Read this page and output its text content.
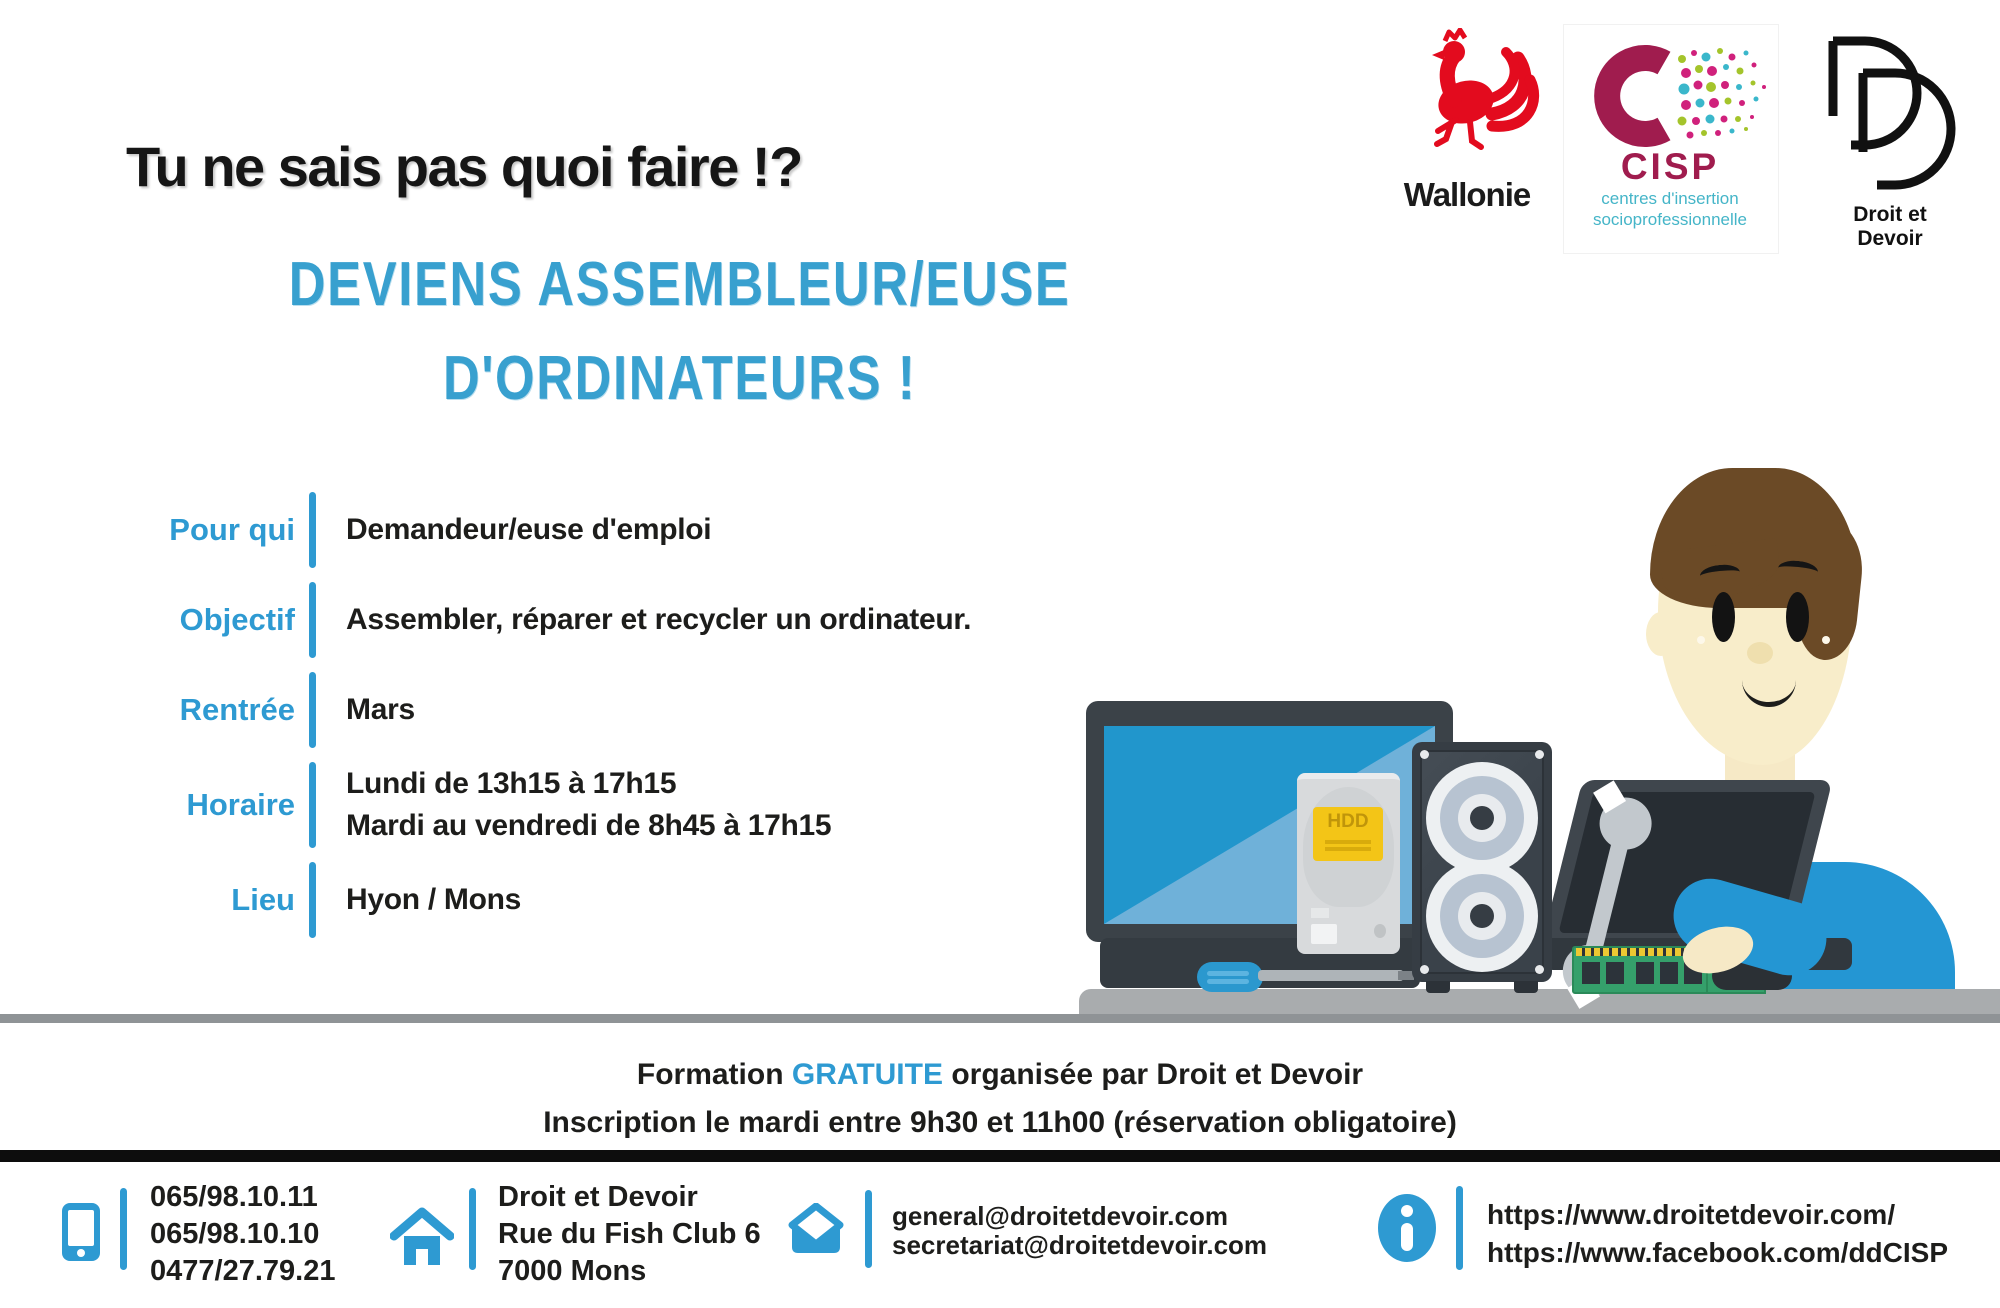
Tu ne sais pas quoi faire !?
DEVIENS ASSEMBLEUR/EUSE
D'ORDINATEURS !
Wallonie
CISP
centres d'insertion
socioprofessionnelle	Droit et Devoir
Pour qui Demandeur/euse d'emploi
Objectif Assembler, réparer et recycler un ordinateur.
Rentrée Mars
Horaire
Lundi de 13h15 à 17h15
Mardi au vendredi de 8h45 à 17h15
Lieu Hyon / Mons
HDD
Formation GRATUITE organisée par Droit et Devoir
Inscription le mardi entre 9h30 et 11h00 (réservation obligatoire)
065/98.10.11
065/98.10.10
0477/27.79.21
Droit et Devoir
Rue du Fish Club 6
7000 Mons
general@droitetdevoir.com
secretariat@droitetdevoir.com
https://www.droitetdevoir.com/
https://www.facebook.com/ddCISP
